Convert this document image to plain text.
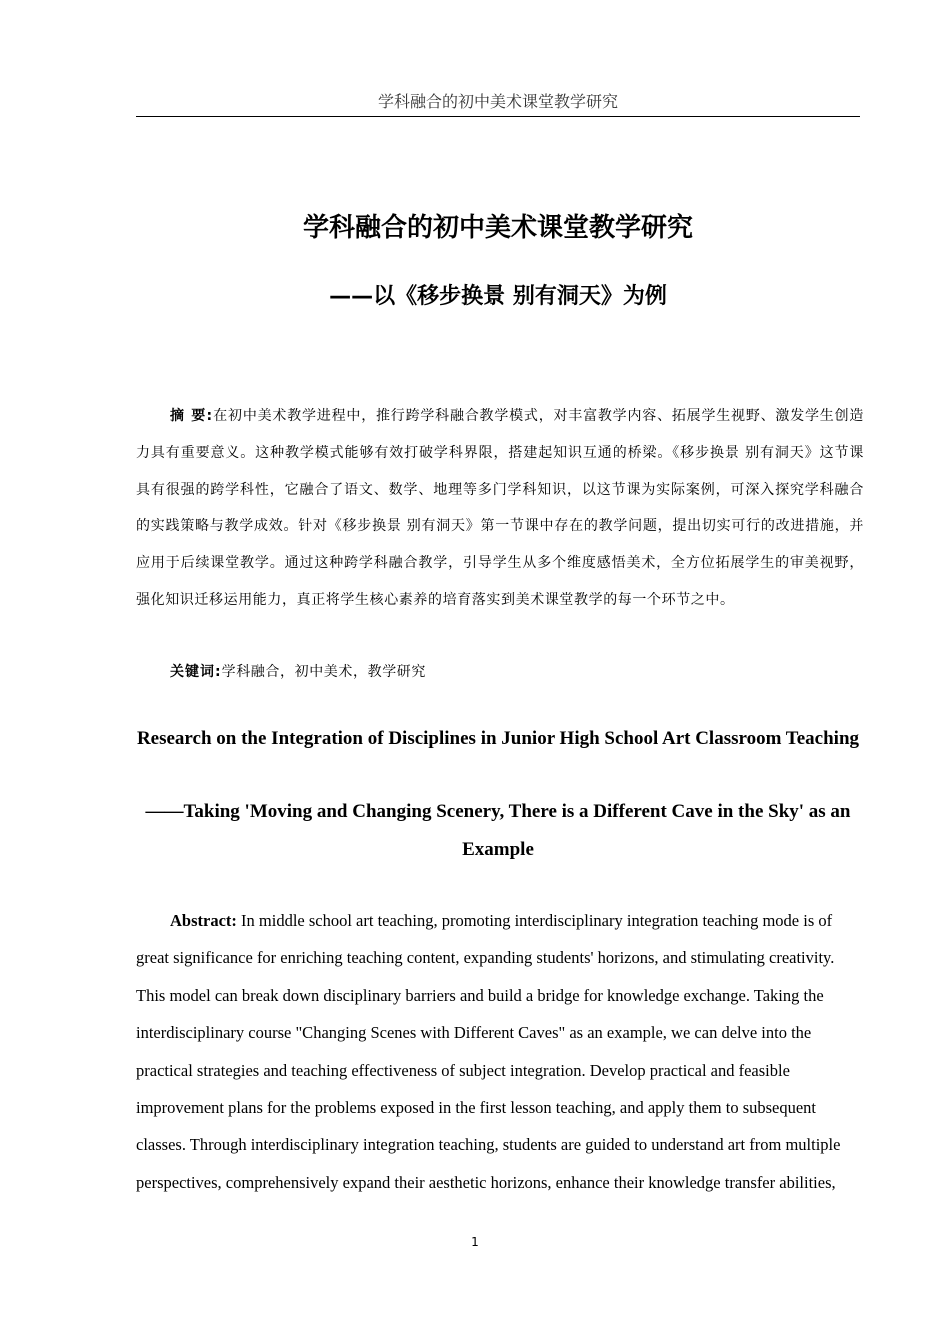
学科融合的初中美术课堂教学研究
学科融合的初中美术课堂教学研究
——以《移步换景 别有洞天》为例

摘 要:在初中美术教学进程中，推行跨学科融合教学模式，对丰富教学内容、拓展学生视野、激发学生创造力具有重要意义。这种教学模式能够有效打破学科界限，搭建起知识互通的桥梁。《移步换景 别有洞天》这节课具有很强的跨学科性，它融合了语文、数学、地理等多门学科知识，以这节课为实际案例，可深入探究学科融合的实践策略与教学成效。针对《移步换景 别有洞天》第一节课中存在的教学问题，提出切实可行的改进措施，并应用于后续课堂教学。通过这种跨学科融合教学，引导学生从多个维度感悟美术，全方位拓展学生的审美视野，强化知识迁移运用能力，真正将学生核心素养的培育落实到美术课堂教学的每一个环节之中。

关键词:学科融合，初中美术，教学研究
Research on the Integration of Disciplines in Junior High School Art Classroom Teaching
——Taking 'Moving and Changing Scenery, There is a Different Cave in the Sky' as an Example

Abstract: In middle school art teaching, promoting interdisciplinary integration teaching mode is of great significance for enriching teaching content, expanding students' horizons, and stimulating creativity. This model can break down disciplinary barriers and build a bridge for knowledge exchange. Taking the interdisciplinary course "Changing Scenes with Different Caves" as an example, we can delve into the practical strategies and teaching effectiveness of subject integration. Develop practical and feasible improvement plans for the problems exposed in the first lesson teaching, and apply them to subsequent classes. Through interdisciplinary integration teaching, students are guided to understand art from multiple perspectives, comprehensively expand their aesthetic horizons, enhance their knowledge transfer abilities,

1
